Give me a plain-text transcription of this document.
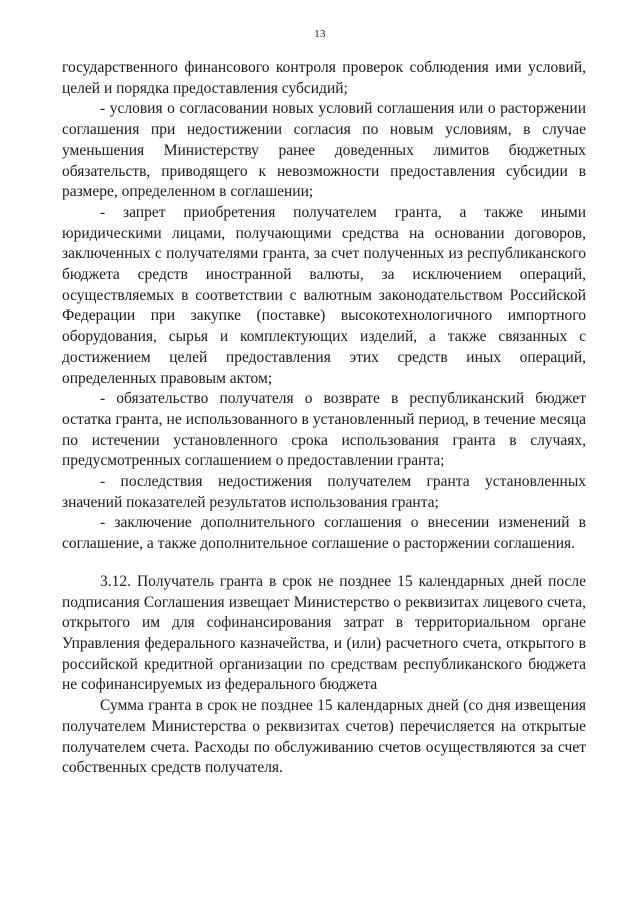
13

государственного финансового контроля проверок соблюдения ими условий, целей и порядка предоставления субсидий;

- условия о согласовании новых условий соглашения или о расторжении соглашения при недостижении согласия по новым условиям, в случае уменьшения Министерству ранее доведенных лимитов бюджетных обязательств, приводящего к невозможности предоставления субсидии в размере, определенном в соглашении;

- запрет приобретения получателем гранта, а также иными юридическими лицами, получающими средства на основании договоров, заключенных с получателями гранта, за счет полученных из республиканского бюджета средств иностранной валюты, за исключением операций, осуществляемых в соответствии с валютным законодательством Российской Федерации при закупке (поставке) высокотехнологичного импортного оборудования, сырья и комплектующих изделий, а также связанных с достижением целей предоставления этих средств иных операций, определенных правовым актом;

- обязательство получателя о возврате в республиканский бюджет остатка гранта, не использованного в установленный период, в течение месяца по истечении установленного срока использования гранта в случаях, предусмотренных соглашением о предоставлении гранта;

- последствия недостижения получателем гранта установленных значений показателей результатов использования гранта;

- заключение дополнительного соглашения о внесении изменений в соглашение, а также дополнительное соглашение о расторжении соглашения.

3.12. Получатель гранта в срок не позднее 15 календарных дней после подписания Соглашения извещает Министерство о реквизитах лицевого счета, открытого им для софинансирования затрат в территориальном органе Управления федерального казначейства, и (или) расчетного счета, открытого в российской кредитной организации по средствам республиканского бюджета не софинансируемых из федерального бюджета

Сумма гранта в срок не позднее 15 календарных дней (со дня извещения получателем Министерства о реквизитах счетов) перечисляется на открытые получателем счета. Расходы по обслуживанию счетов осуществляются за счет собственных средств получателя.
